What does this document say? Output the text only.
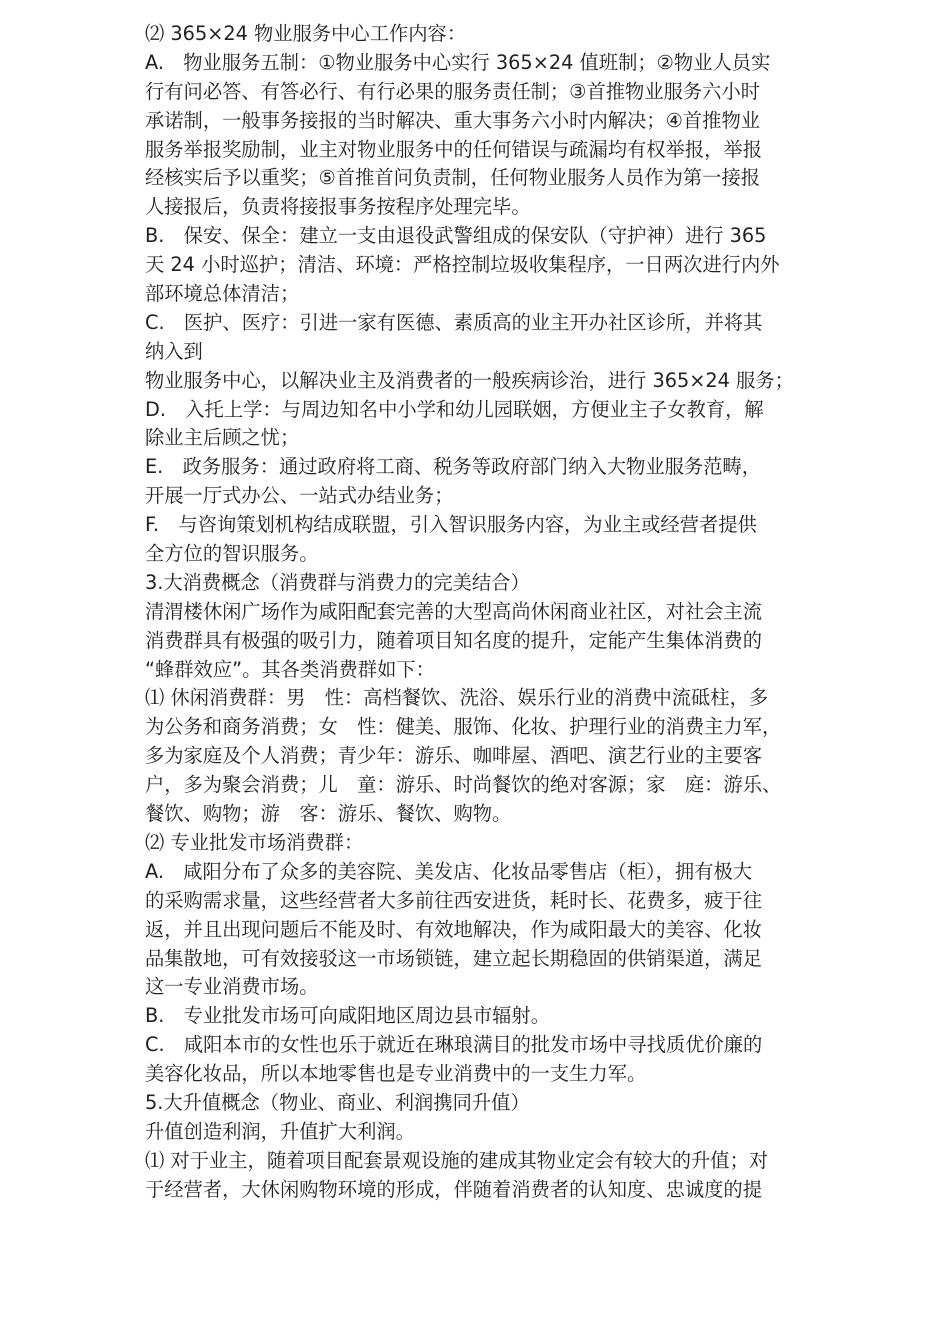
⑵ 365×24 物业服务中心工作内容：
A.　物业服务五制：①物业服务中心实行 365×24 值班制；②物业人员实
行有问必答、有答必行、有行必果的服务责任制；③首推物业服务六小时
承诺制，一般事务接报的当时解决、重大事务六小时内解决；④首推物业
服务举报奖励制，业主对物业服务中的任何错误与疏漏均有权举报，举报
经核实后予以重奖；⑤首推首问负责制，任何物业服务人员作为第一接报
人接报后，负责将接报事务按程序处理完毕。
B.　保安、保全：建立一支由退役武警组成的保安队（守护神）进行 365
天 24 小时巡护；清洁、环境：严格控制垃圾收集程序，一日两次进行内外
部环境总体清洁；
C.　医护、医疗：引进一家有医德、素质高的业主开办社区诊所，并将其
纳入到
物业服务中心，以解决业主及消费者的一般疾病诊治，进行 365×24 服务；
D.　入托上学：与周边知名中小学和幼儿园联姻，方便业主子女教育，解
除业主后顾之忧；
E.　政务服务：通过政府将工商、税务等政府部门纳入大物业服务范畴，
开展一厅式办公、一站式办结业务；
F.　与咨询策划机构结成联盟，引入智识服务内容，为业主或经营者提供
全方位的智识服务。
3.大消费概念（消费群与消费力的完美结合）
清渭楼休闲广场作为咸阳配套完善的大型高尚休闲商业社区，对社会主流
消费群具有极强的吸引力，随着项目知名度的提升，定能产生集体消费的
“蜂群效应”。其各类消费群如下：
⑴ 休闲消费群：男　性：高档餐饮、洗浴、娱乐行业的消费中流砥柱，多
为公务和商务消费；女　性：健美、服饰、化妆、护理行业的消费主力军，
多为家庭及个人消费；青少年：游乐、咖啡屋、酒吧、演艺行业的主要客
户，多为聚会消费；儿　童：游乐、时尚餐饮的绝对客源；家　庭：游乐、
餐饮、购物；游　客：游乐、餐饮、购物。
⑵ 专业批发市场消费群：
A.　咸阳分布了众多的美容院、美发店、化妆品零售店（柜），拥有极大
的采购需求量，这些经营者大多前往西安进货，耗时长、花费多，疲于往
返，并且出现问题后不能及时、有效地解决，作为咸阳最大的美容、化妆
品集散地，可有效接驳这一市场锁链，建立起长期稳固的供销渠道，满足
这一专业消费市场。
B.　专业批发市场可向咸阳地区周边县市辐射。
C.　咸阳本市的女性也乐于就近在琳琅满目的批发市场中寻找质优价廉的
美容化妆品，所以本地零售也是专业消费中的一支生力军。
5.大升值概念（物业、商业、利润携同升值）
升值创造利润，升值扩大利润。
⑴ 对于业主，随着项目配套景观设施的建成其物业定会有较大的升值；对
于经营者，大休闲购物环境的形成，伴随着消费者的认知度、忠诚度的提
